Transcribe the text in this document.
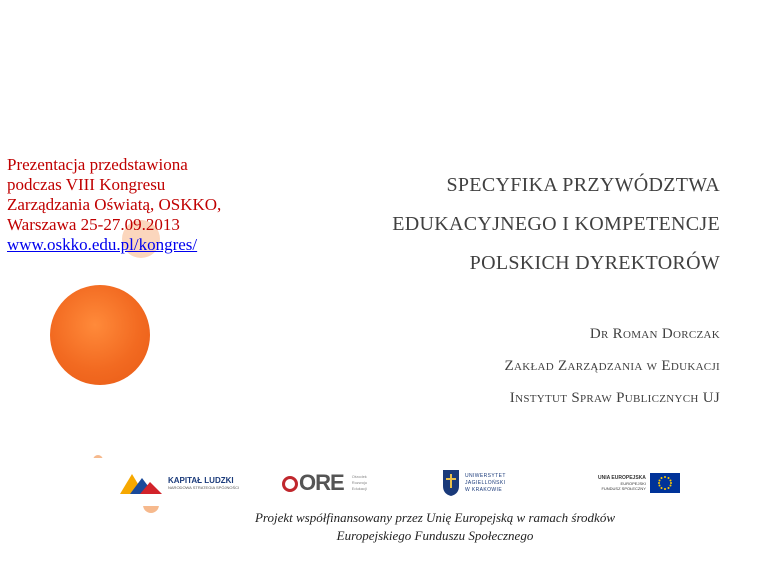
Prezentacja przedstawiona
podczas VIII Kongresu
Zarządzania Oświatą, OSKKO,
Warszawa 25-27.09.2013
www.oskko.edu.pl/kongres/
SPECYFIKA PRZYWÓDZTWA
EDUKACYJNEGO I KOMPETENCJE
POLSKICH DYREKTORÓW
Dr Roman Dorczak
Zakład Zarządzania w Edukacji
Instytut Spraw Publicznych UJ
KAPITAŁ LUDZKI
NARODOWA STRATEGIA SPÓJNOŚCI	ORE Ośrodek
Rozwoju
Edukacji
UNIWERSYTET
JAGIELLOŃSKI
W KRAKOWIE
UNIA EUROPEJSKA
EUROPEJSKI
FUNDUSZ SPOŁECZNY
Projekt współfinansowany przez Unię Europejską w ramach środków
Europejskiego Funduszu Społecznego
